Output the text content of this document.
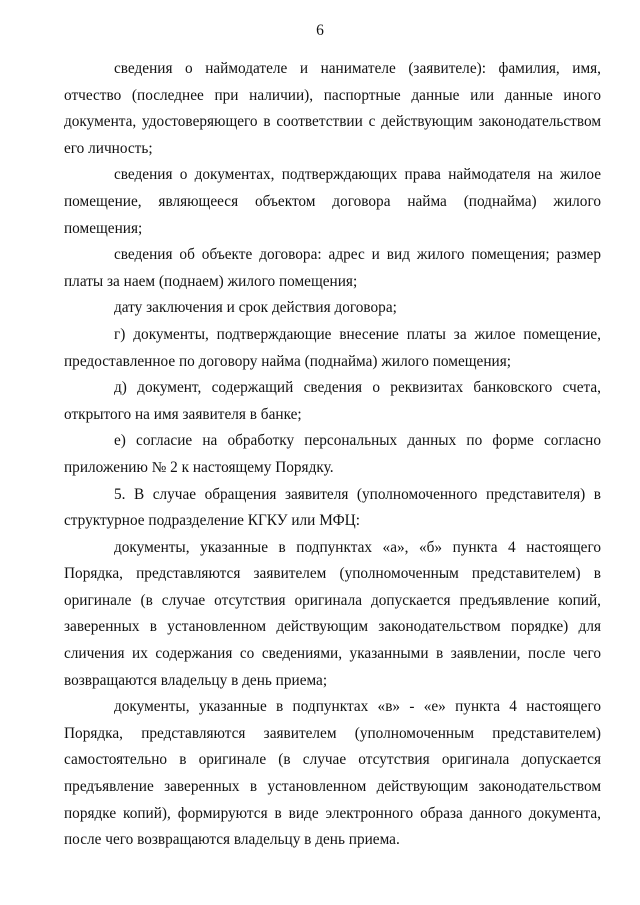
6

сведения о наймодателе и нанимателе (заявителе): фамилия, имя, отчество (последнее при наличии), паспортные данные или данные иного документа, удостоверяющего в соответствии с действующим законодательством его личность;

сведения о документах, подтверждающих права наймодателя на жилое помещение, являющееся объектом договора найма (поднайма) жилого помещения;

сведения об объекте договора: адрес и вид жилого помещения; размер платы за наем (поднаем) жилого помещения;

дату заключения и срок действия договора;

г) документы, подтверждающие внесение платы за жилое помещение, предоставленное по договору найма (поднайма) жилого помещения;

д) документ, содержащий сведения о реквизитах банковского счета, открытого на имя заявителя в банке;

е) согласие на обработку персональных данных по форме согласно приложению № 2 к настоящему Порядку.

5. В случае обращения заявителя (уполномоченного представителя) в структурное подразделение КГКУ или МФЦ:

документы, указанные в подпунктах «а», «б» пункта 4 настоящего Порядка, представляются заявителем (уполномоченным представителем) в оригинале (в случае отсутствия оригинала допускается предъявление копий, заверенных в установленном действующим законодательством порядке) для сличения их содержания со сведениями, указанными в заявлении, после чего возвращаются владельцу в день приема;

документы, указанные в подпунктах «в» - «е» пункта 4 настоящего Порядка, представляются заявителем (уполномоченным представителем) самостоятельно в оригинале (в случае отсутствия оригинала допускается предъявление заверенных в установленном действующим законодательством порядке копий), формируются в виде электронного образа данного документа, после чего возвращаются владельцу в день приема.
